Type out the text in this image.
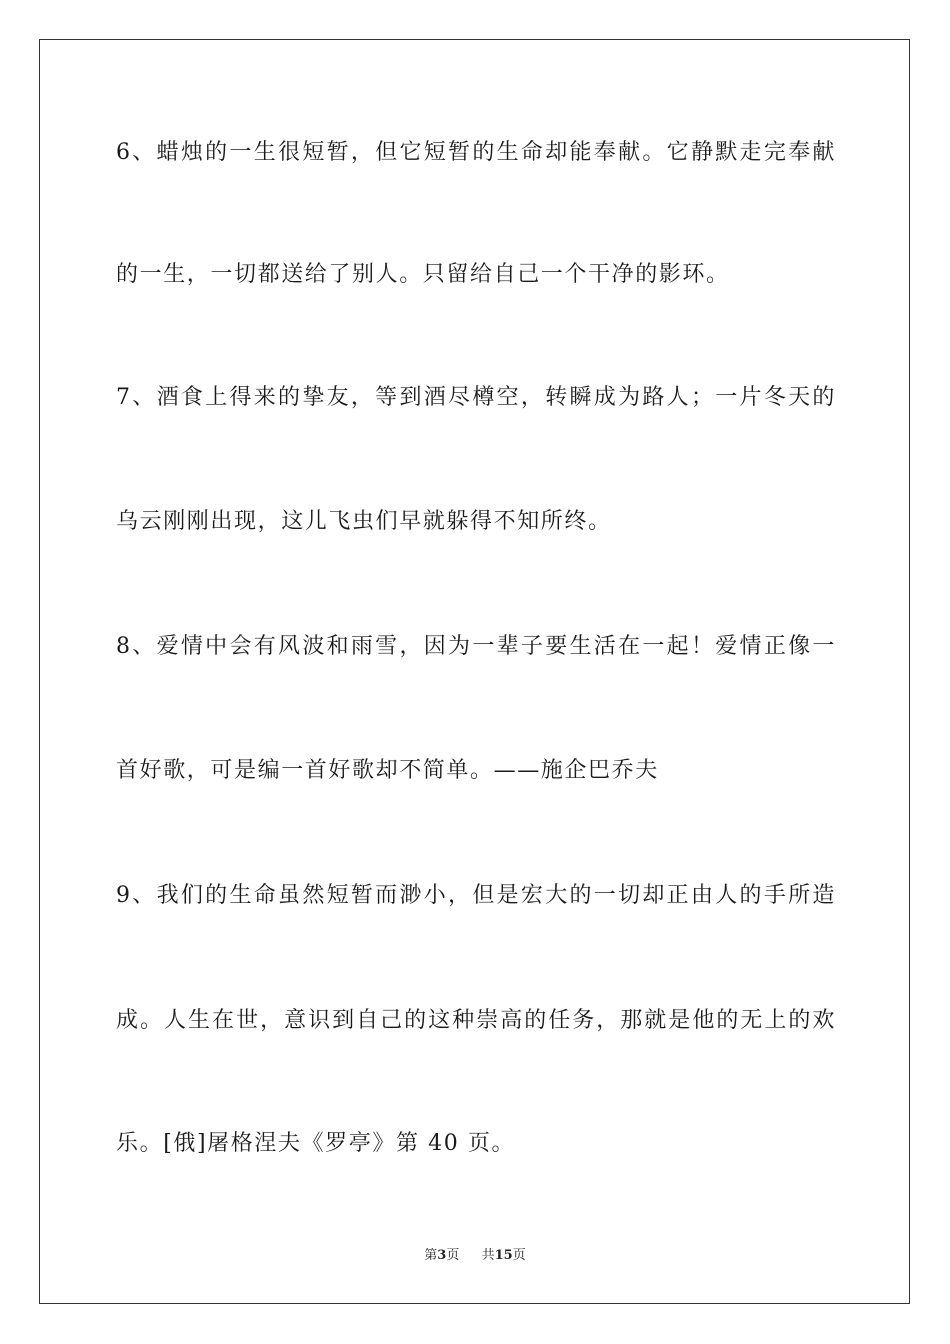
6、蜡烛的一生很短暂，但它短暂的生命却能奉献。它静默走完奉献
的一生，一切都送给了别人。只留给自己一个干净的影环。
7、酒食上得来的挚友，等到酒尽樽空，转瞬成为路人；一片冬天的
乌云刚刚出现，这儿飞虫们早就躲得不知所终。
8、爱情中会有风波和雨雪，因为一辈子要生活在一起！爱情正像一
首好歌，可是编一首好歌却不简单。——施企巴乔夫
9、我们的生命虽然短暂而渺小，但是宏大的一切却正由人的手所造
成。人生在世，意识到自己的这种崇高的任务，那就是他的无上的欢
乐。[俄]屠格涅夫《罗亭》第 40 页。
第3页 共15页
